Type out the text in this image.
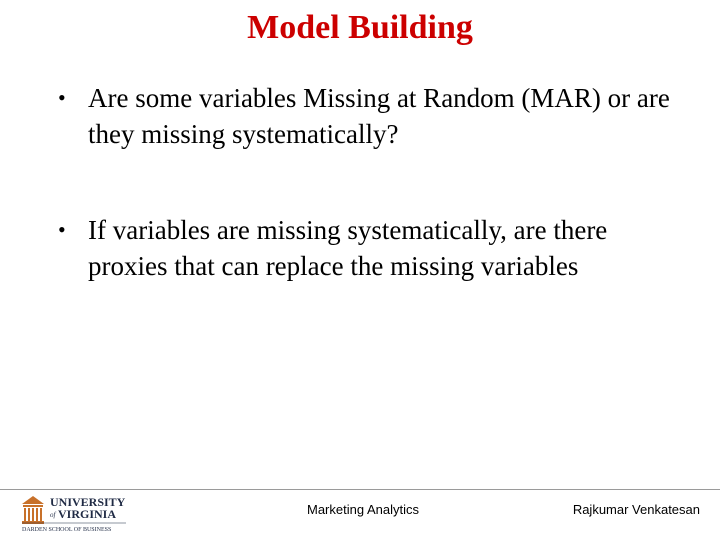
Model Building
• Are some variables Missing at Random (MAR) or are they missing systematically?
• If variables are missing systematically, are there proxies that can replace the missing variables
UNIVERSITY
of VIRGINIA
DARDEN SCHOOL OF BUSINESS
Marketing Analytics	Rajkumar Venkatesan
